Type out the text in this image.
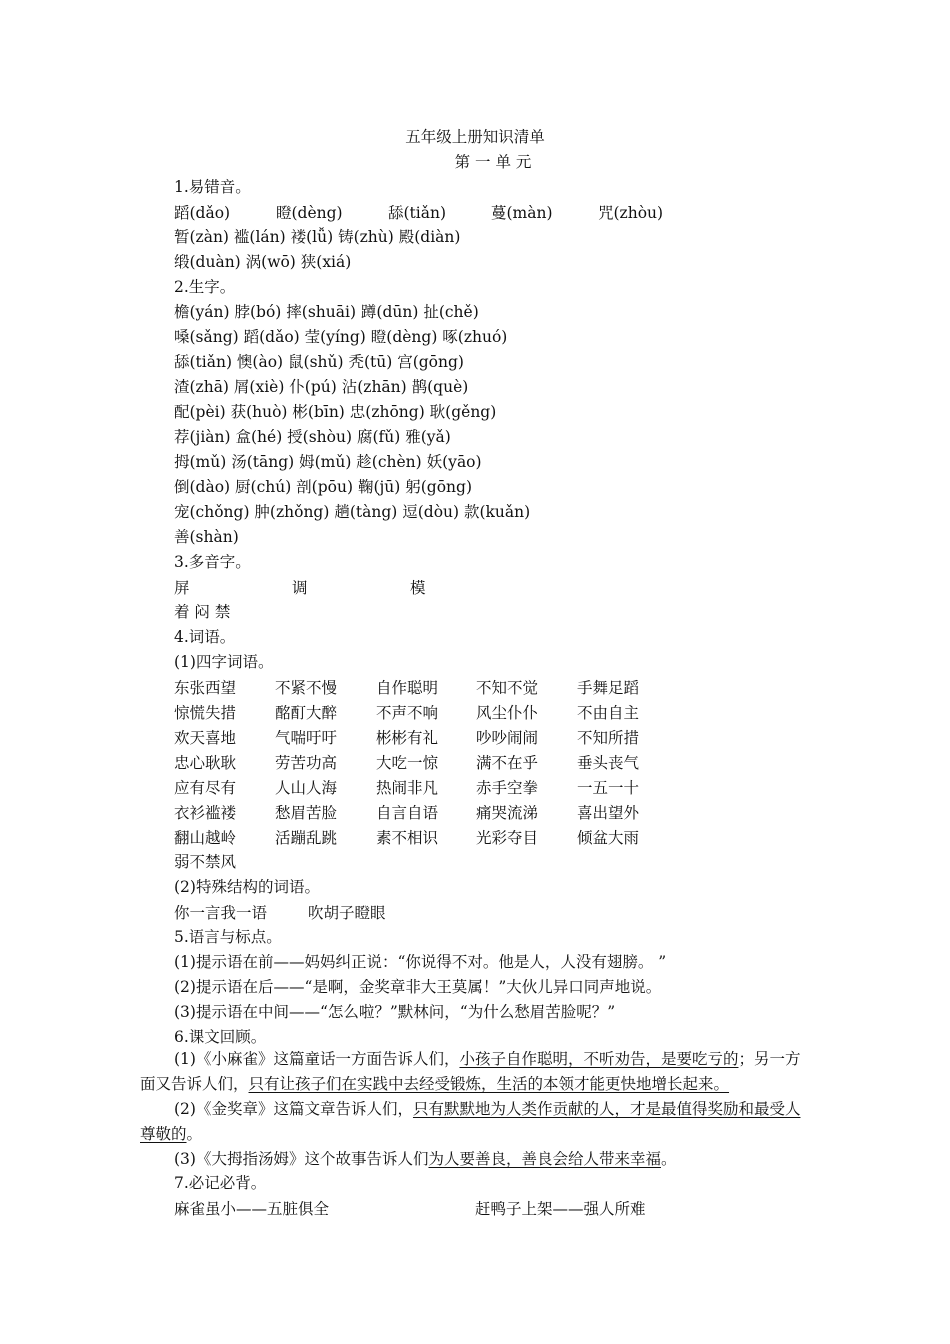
五年级上册知识清单
第 一 单 元
1.易错音。
蹈(dǎo)	瞪(dèng)	舔(tiǎn)	蔓(màn)	咒(zhòu)
暂(zàn) 褴(lán) 褛(lǚ) 铸(zhù) 殿(diàn)
缎(duàn) 涡(wō) 狭(xiá)
2.生字。
檐(yán) 脖(bó) 摔(shuāi) 蹲(dūn) 扯(chě)
嗓(sǎng) 蹈(dǎo) 莹(yíng) 瞪(dèng) 啄(zhuó)
舔(tiǎn) 懊(ào) 鼠(shǔ) 秃(tū) 宫(gōng)
渣(zhā) 屑(xiè) 仆(pú) 沾(zhān) 鹊(què)
配(pèi) 获(huò) 彬(bīn) 忠(zhōng) 耿(gěng)
荐(jiàn) 盒(hé) 授(shòu) 腐(fǔ) 雅(yǎ)
拇(mǔ) 汤(tāng) 姆(mǔ) 趁(chèn) 妖(yāo)
倒(dào) 厨(chú) 剖(pōu) 鞠(jū) 躬(gōng)
宠(chǒng) 肿(zhǒng) 趟(tàng) 逗(dòu) 款(kuǎn)
善(shàn)
3.多音字。
屏	调	模
着 闷 禁
4.词语。
(1)四字词语。
东张西望	不紧不慢	自作聪明 不知不觉	手舞足蹈
惊慌失措	酩酊大醉	不声不响 风尘仆仆	不由自主
欢天喜地	气喘吁吁	彬彬有礼 吵吵闹闹	不知所措
忠心耿耿	劳苦功高	大吃一惊 满不在乎	垂头丧气
应有尽有	人山人海	热闹非凡 赤手空拳	一五一十
衣衫褴褛	愁眉苦脸	自言自语 痛哭流涕	喜出望外
翻山越岭	活蹦乱跳	素不相识 光彩夺目	倾盆大雨
弱不禁风
(2)特殊结构的词语。
你一言我一语	吹胡子瞪眼
5.语言与标点。
(1)提示语在前——妈妈纠正说：“你说得不对。他是人，人没有翅膀。 ”
(2)提示语在后——“是啊，金奖章非大王莫属！”大伙儿异口同声地说。
(3)提示语在中间——“怎么啦？”默林问，“为什么愁眉苦脸呢？”
6.课文回顾。
(1)《小麻雀》这篇童话一方面告诉人们，小孩子自作聪明，不听劝告，是要吃亏的；另一方面又告诉人们，只有让孩子们在实践中去经受锻炼，生活的本领才能更快地增长起来。
(2)《金奖章》这篇文章告诉人们，只有默默地为人类作贡献的人，才是最值得奖励和最受人尊敬的。
(3)《大拇指汤姆》这个故事告诉人们为人要善良，善良会给人带来幸福。
7.必记必背。
麻雀虽小——五脏俱全	赶鸭子上架——强人所难
